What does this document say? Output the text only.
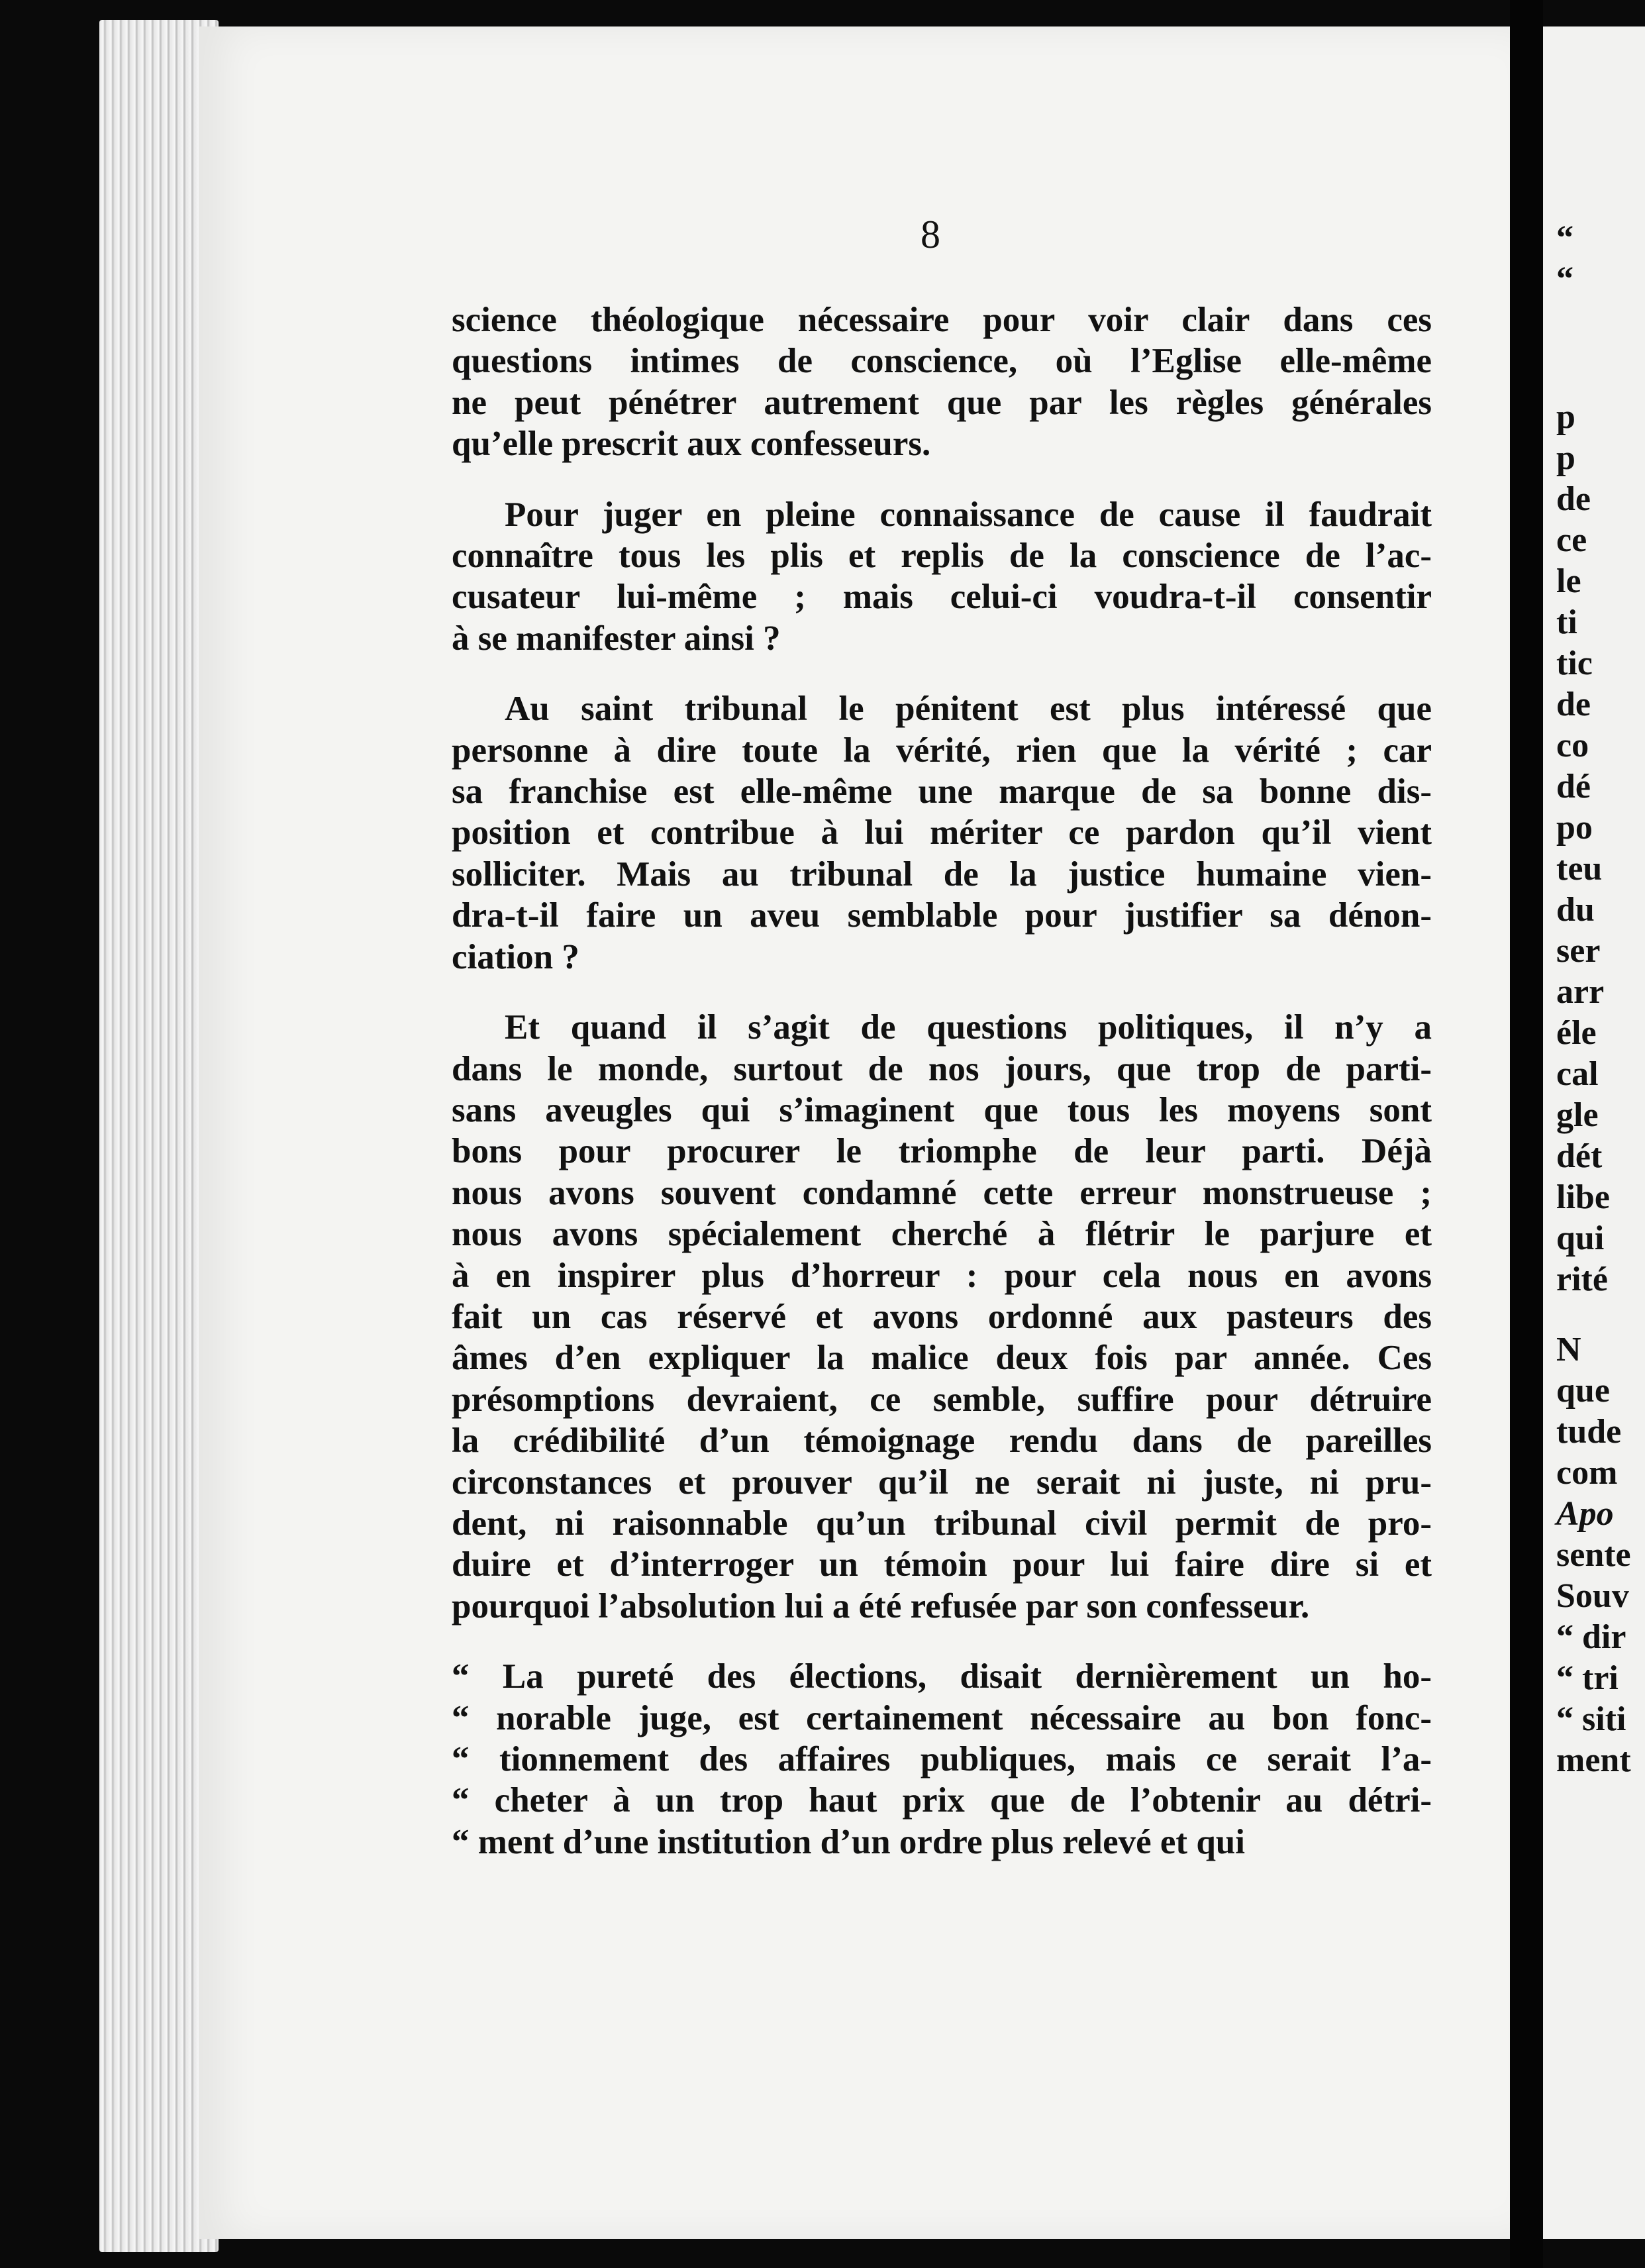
“
“
p
p
de
ce
le
ti
tic
de
co
dé
po
teu
du
ser
arr
éle
cal
gle
dét
libe
qui
rité
N
que
tude
com
Apo
sente
Souv
“ dir
“ tri
“ siti
ment
8

science théologique nécessaire pour voir clair dans ces
questions intimes de conscience, où l’Eglise elle-même
ne peut pénétrer autrement que par les règles générales
qu’elle prescrit aux confesseurs.

Pour juger en pleine connaissance de cause il faudrait
connaître tous les plis et replis de la conscience de l’ac-
cusateur lui-même ; mais celui-ci voudra-t-il consentir
à se manifester ainsi ?

Au saint tribunal le pénitent est plus intéressé que
personne à dire toute la vérité, rien que la vérité ; car
sa franchise est elle-même une marque de sa bonne dis-
position et contribue à lui mériter ce pardon qu’il vient
solliciter. Mais au tribunal de la justice humaine vien-
dra-t-il faire un aveu semblable pour justifier sa dénon-
ciation ?

Et quand il s’agit de questions politiques, il n’y a
dans le monde, surtout de nos jours, que trop de parti-
sans aveugles qui s’imaginent que tous les moyens sont
bons pour procurer le triomphe de leur parti. Déjà
nous avons souvent condamné cette erreur monstrueuse ;
nous avons spécialement cherché à flétrir le parjure et
à en inspirer plus d’horreur : pour cela nous en avons
fait un cas réservé et avons ordonné aux pasteurs des
âmes d’en expliquer la malice deux fois par année. Ces
présomptions devraient, ce semble, suffire pour détruire
la crédibilité d’un témoignage rendu dans de pareilles
circonstances et prouver qu’il ne serait ni juste, ni pru-
dent, ni raisonnable qu’un tribunal civil permit de pro-
duire et d’interroger un témoin pour lui faire dire si et
pourquoi l’absolution lui a été refusée par son confesseur.

“ La pureté des élections, disait dernièrement un ho-
“ norable juge, est certainement nécessaire au bon fonc-
“ tionnement des affaires publiques, mais ce serait l’a-
“ cheter à un trop haut prix que de l’obtenir au détri-
“ ment d’une institution d’un ordre plus relevé et qui
